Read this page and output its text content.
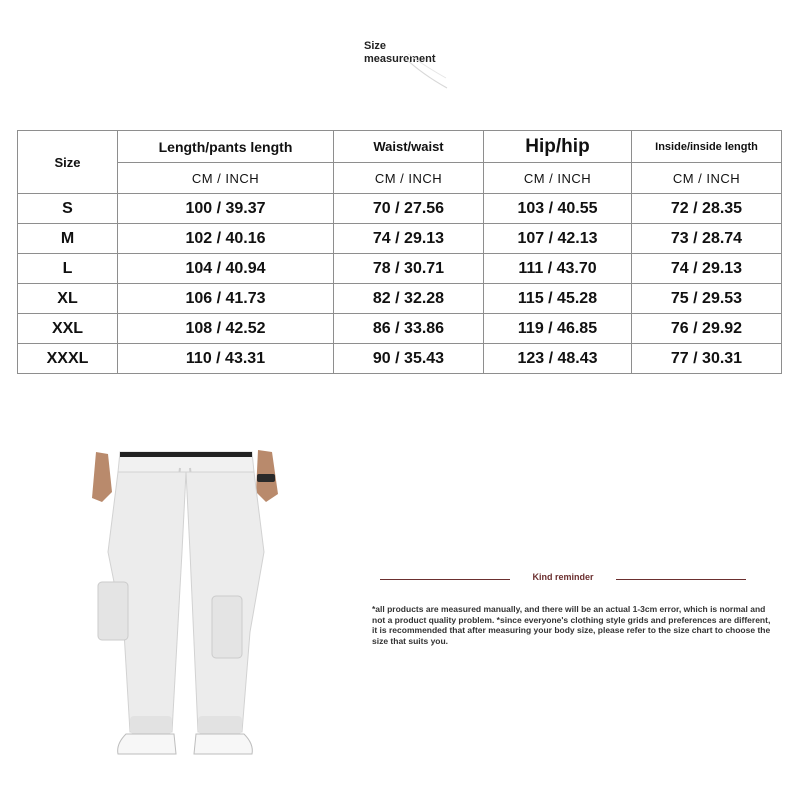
Size
measurement
Size	Length/pants length	Waist/waist	Hip/hip	Inside/inside length
	CM / INCH	CM / INCH	CM / INCH	CM / INCH
S	100 / 39.37	70 / 27.56	103 / 40.55	72 / 28.35
M	102 / 40.16	74 / 29.13	107 / 42.13	73 / 28.74
L	104 / 40.94	78 / 30.71	111 / 43.70	74 / 29.13
XL	106 / 41.73	82 / 32.28	115 / 45.28	75 / 29.53
XXL	108 / 42.52	86 / 33.86	119 / 46.85	76 / 29.92
XXXL	110 / 43.31	90 / 35.43	123 / 48.43	77 / 30.31
Kind reminder
*all products are measured manually, and there will be an actual 1-3cm error, which is normal and not a product quality problem. *since everyone's clothing style grids and preferences are different, it is recommended that after measuring your body size, please refer to the size chart to choose the size that suits you.
